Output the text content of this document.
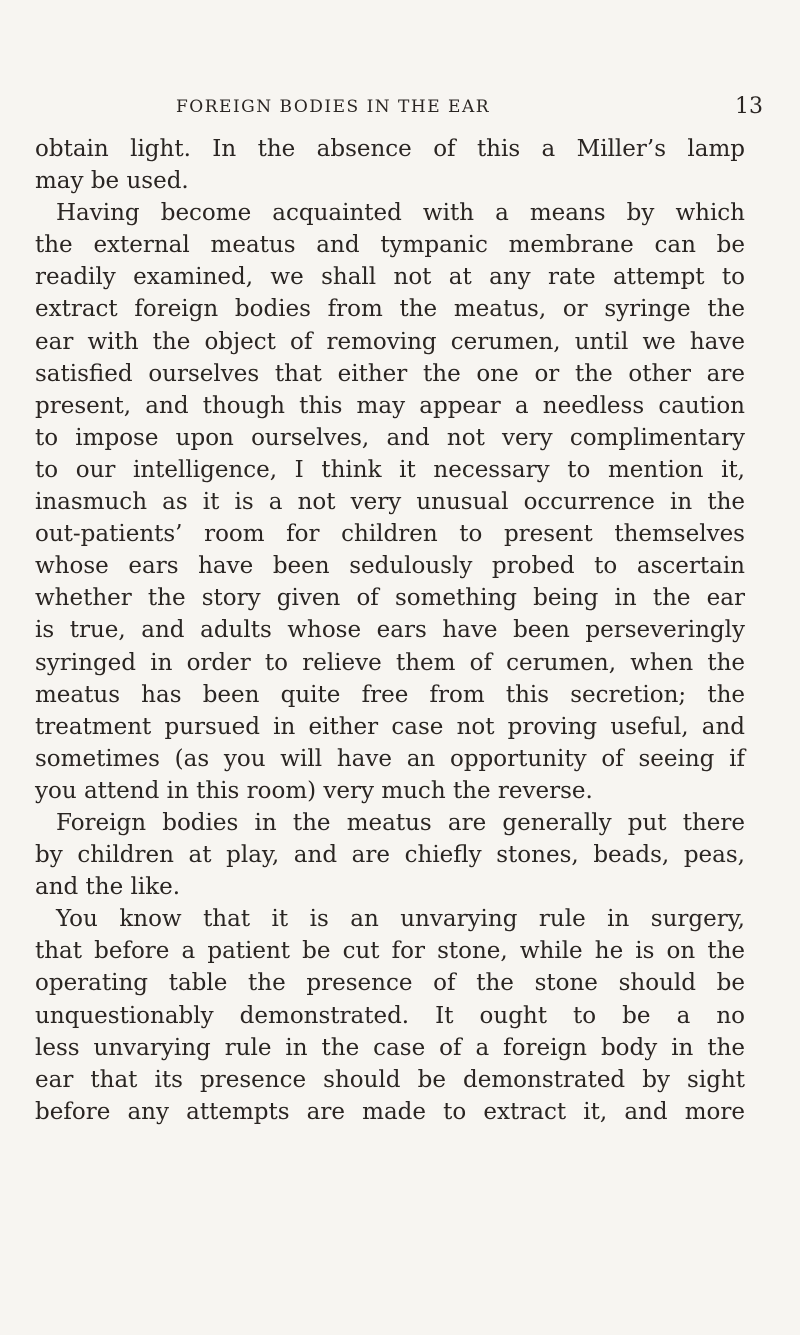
FOREIGN BODIES IN THE EAR	13
obtain light. In the absence of this a Miller’s lamp
may be used.
Having become acquainted with a means by which
the external meatus and tympanic membrane can be
readily examined, we shall not at any rate attempt to
extract foreign bodies from the meatus, or syringe the
ear with the object of removing cerumen, until we have
satisfied ourselves that either the one or the other are
present, and though this may appear a needless caution
to impose upon ourselves, and not very complimentary
to our intelligence, I think it necessary to mention it,
inasmuch as it is a not very unusual occurrence in the
out-patients’ room for children to present themselves
whose ears have been sedulously probed to ascertain
whether the story given of something being in the ear
is true, and adults whose ears have been perseveringly
syringed in order to relieve them of cerumen, when the
meatus has been quite free from this secretion; the
treatment pursued in either case not proving useful, and
sometimes (as you will have an opportunity of seeing if
you attend in this room) very much the reverse.
Foreign bodies in the meatus are generally put there
by children at play, and are chiefly stones, beads, peas,
and the like.
You know that it is an unvarying rule in surgery,
that before a patient be cut for stone, while he is on the
operating table the presence of the stone should be
unquestionably demonstrated. It ought to be a no
less unvarying rule in the case of a foreign body in the
ear that its presence should be demonstrated by sight
before any attempts are made to extract it, and more
